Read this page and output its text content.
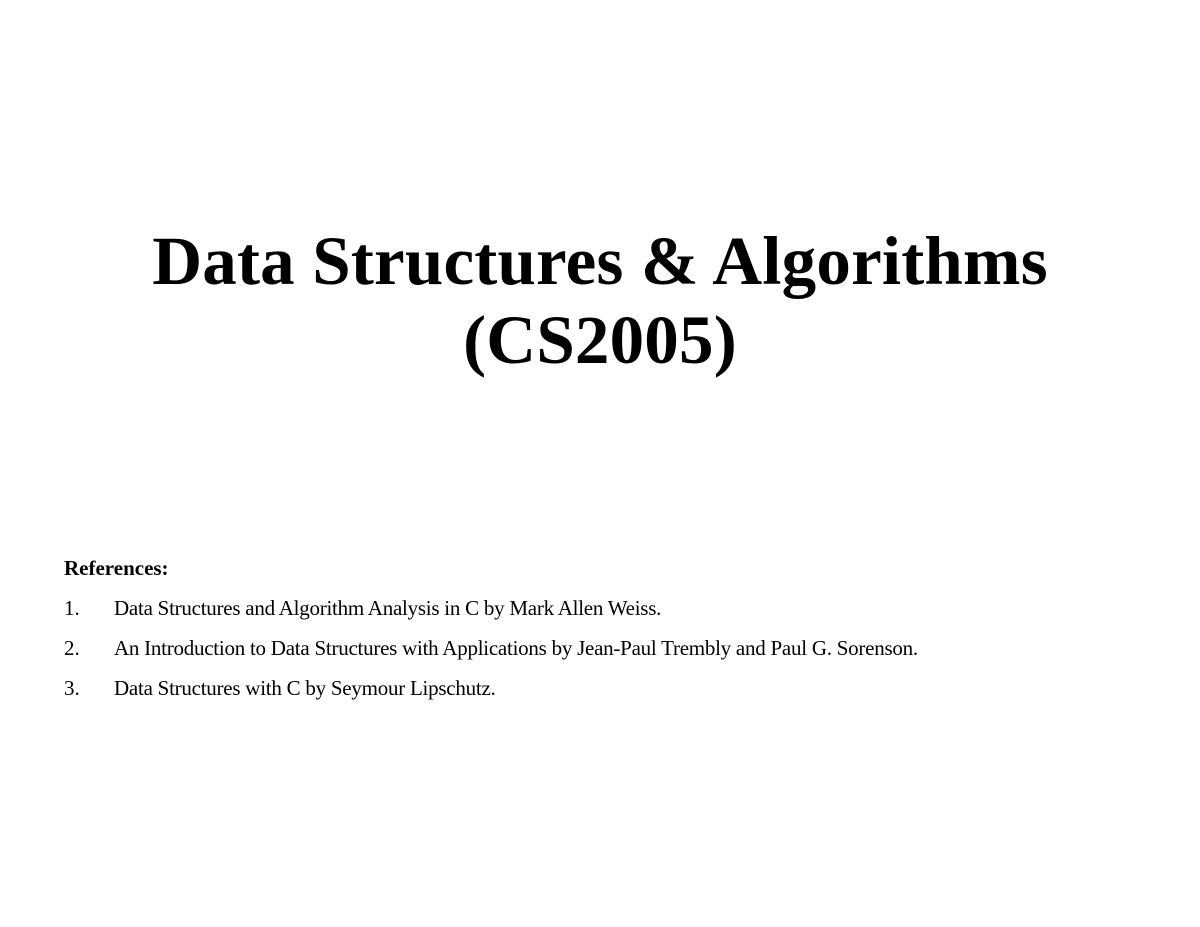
Data Structures & Algorithms
(CS2005)
References:
1.	Data Structures and Algorithm Analysis in C by Mark Allen Weiss.
2.	An Introduction to Data Structures with Applications by Jean-Paul Trembly and Paul G. Sorenson.
3.	Data Structures with C by Seymour Lipschutz.
